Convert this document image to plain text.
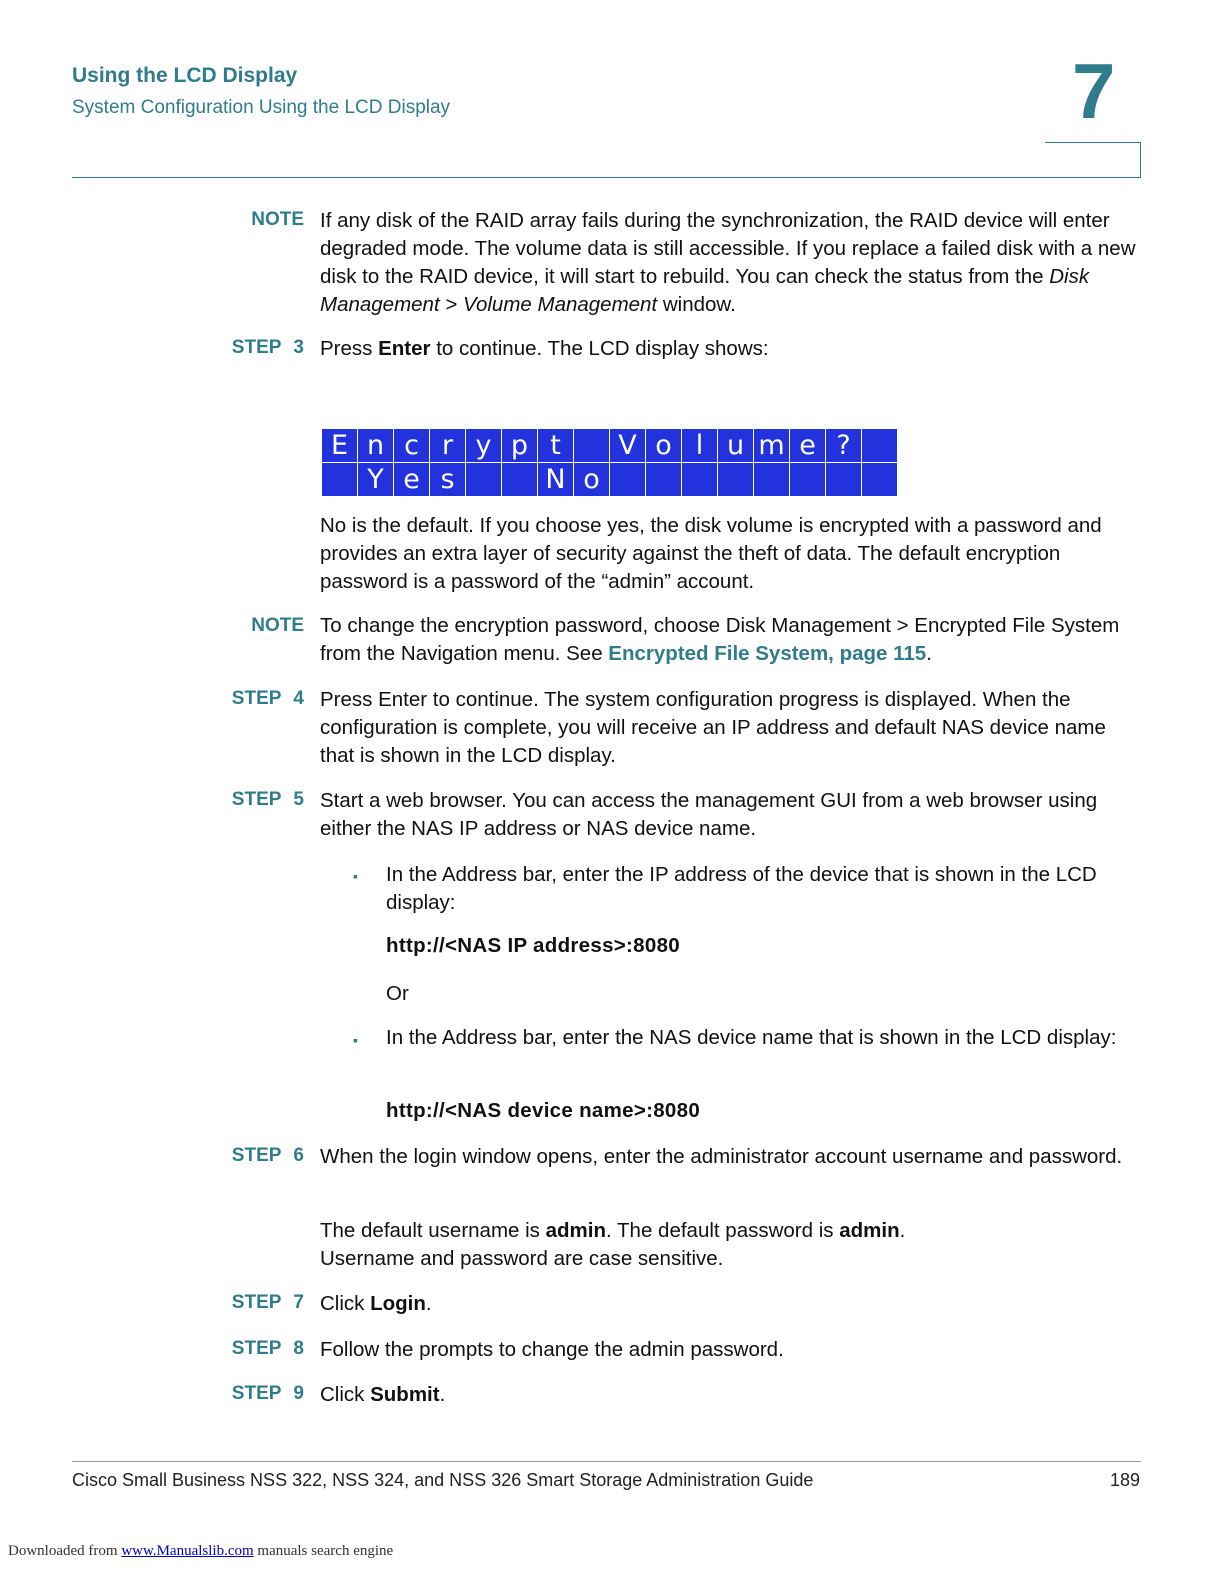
Using the LCD Display
System Configuration Using the LCD Display	7
NOTE If any disk of the RAID array fails during the synchronization, the RAID device will enter degraded mode. The volume data is still accessible. If you replace a failed disk with a new disk to the RAID device, it will start to rebuild. You can check the status from the Disk Management > Volume Management window.
STEP 3 Press Enter to continue. The LCD display shows:
E	n	c	r	y	p	t		V	o	l	u	m	e	?	
	Y	e	s			N	o								
No is the default. If you choose yes, the disk volume is encrypted with a password and provides an extra layer of security against the theft of data. The default encryption password is a password of the “admin” account.
NOTE To change the encryption password, choose Disk Management > Encrypted File System from the Navigation menu. See Encrypted File System, page 115.
STEP 4 Press Enter to continue. The system configuration progress is displayed. When the configuration is complete, you will receive an IP address and default NAS device name that is shown in the LCD display.
STEP 5 Start a web browser. You can access the management GUI from a web browser using either the NAS IP address or NAS device name.
▪ In the Address bar, enter the IP address of the device that is shown in the LCD display:
http://<NAS IP address>:8080
Or
▪ In the Address bar, enter the NAS device name that is shown in the LCD display:
http://<NAS device name>:8080
STEP 6 When the login window opens, enter the administrator account username and password.
The default username is admin. The default password is admin.
Username and password are case sensitive.
STEP 7 Click Login.
STEP 8 Follow the prompts to change the admin password.
STEP 9 Click Submit.
Cisco Small Business NSS 322, NSS 324, and NSS 326 Smart Storage Administration Guide	189
Downloaded from www.Manualslib.com manuals search engine
